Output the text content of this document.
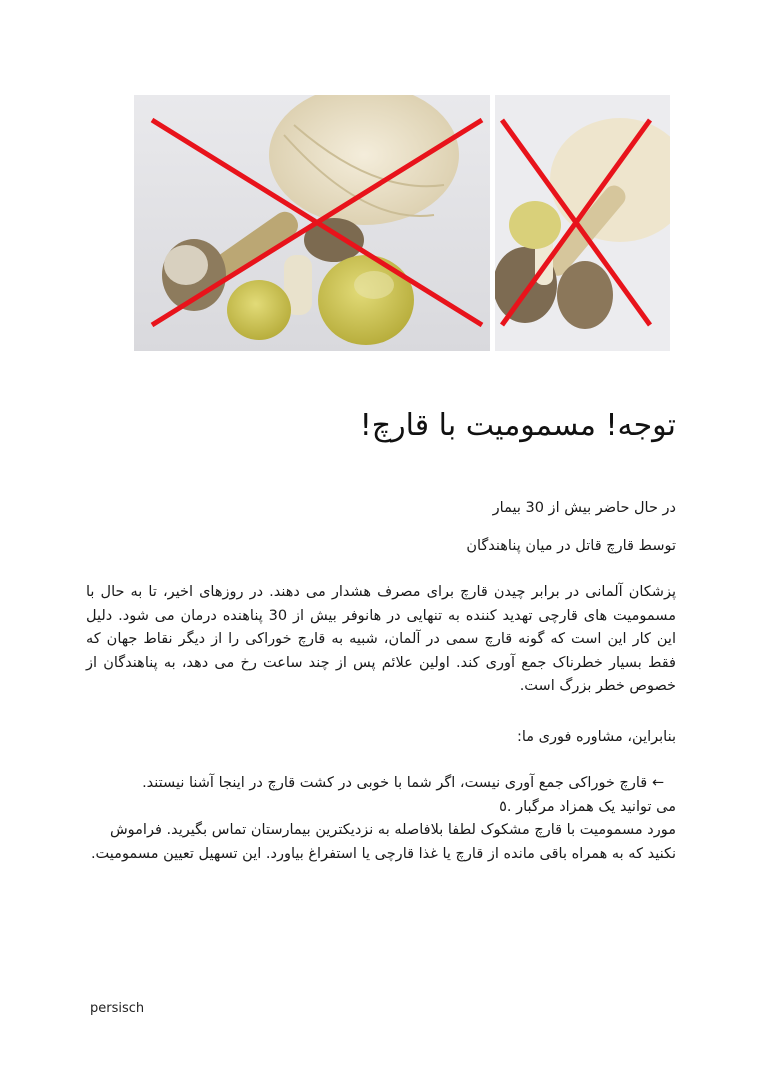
توجه! مسمومیت با قارچ!
در حال حاضر بیش از 30 بیمار
توسط قارچ قاتل در میان پناهندگان
پزشکان آلمانی در برابر چیدن قارچ برای مصرف هشدار می دهند. در روزهای اخیر، تا به حال با مسمومیت های قارچی تهدید کننده به تنهایی در هانوفر بیش از 30 پناهنده درمان می شود. دلیل این کار این است که گونه قارچ سمی در آلمان، شبیه به قارچ خوراکی را از دیگر نقاط جهان که فقط بسیار خطرناک جمع آوری کند. اولین علائم پس از چند ساعت رخ می دهد، به پناهندگان از خصوص خطر بزرگ است.
بنابراین، مشاوره فوری ما:
← قارچ خوراکی جمع آوری نیست، اگر شما با خوبی در کشت قارچ در اینجا آشنا نیستند.
می توانید یک همزاد مرگبار .٥
مورد مسمومیت با قارچ مشکوک لطفا بلافاصله به نزدیکترین بیمارستان تماس بگیرید. فراموش نکنید که به همراه باقی مانده از قارچ یا غذا قارچی یا استفراغ بیاورد. این تسهیل تعیین مسمومیت.
persisch
